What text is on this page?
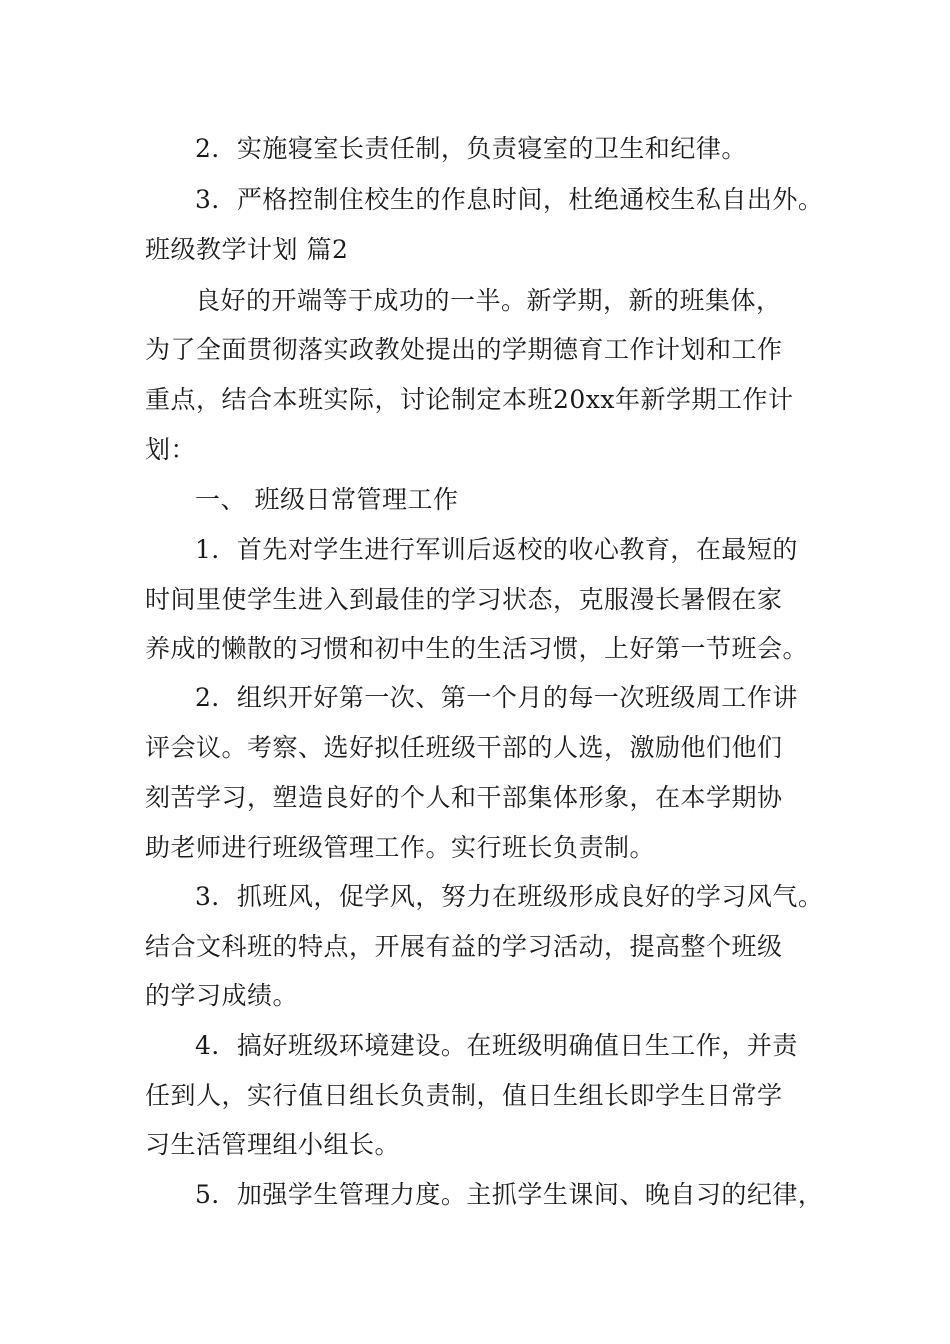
2．实施寝室长责任制，负责寝室的卫生和纪律。
3．严格控制住校生的作息时间，杜绝通校生私自出外。
班级教学计划 篇2
良好的开端等于成功的一半。新学期，新的班集体，
为了全面贯彻落实政教处提出的学期德育工作计划和工作
重点，结合本班实际，讨论制定本班20xx年新学期工作计
划：
一、 班级日常管理工作
1．首先对学生进行军训后返校的收心教育，在最短的
时间里使学生进入到最佳的学习状态，克服漫长暑假在家
养成的懒散的习惯和初中生的生活习惯，上好第一节班会。
2．组织开好第一次、第一个月的每一次班级周工作讲
评会议。考察、选好拟任班级干部的人选，激励他们他们
刻苦学习，塑造良好的个人和干部集体形象，在本学期协
助老师进行班级管理工作。实行班长负责制。
3．抓班风，促学风，努力在班级形成良好的学习风气。
结合文科班的特点，开展有益的学习活动，提高整个班级
的学习成绩。
4．搞好班级环境建设。在班级明确值日生工作，并责
任到人，实行值日组长负责制，值日生组长即学生日常学
习生活管理组小组长。
5．加强学生管理力度。主抓学生课间、晚自习的纪律，
